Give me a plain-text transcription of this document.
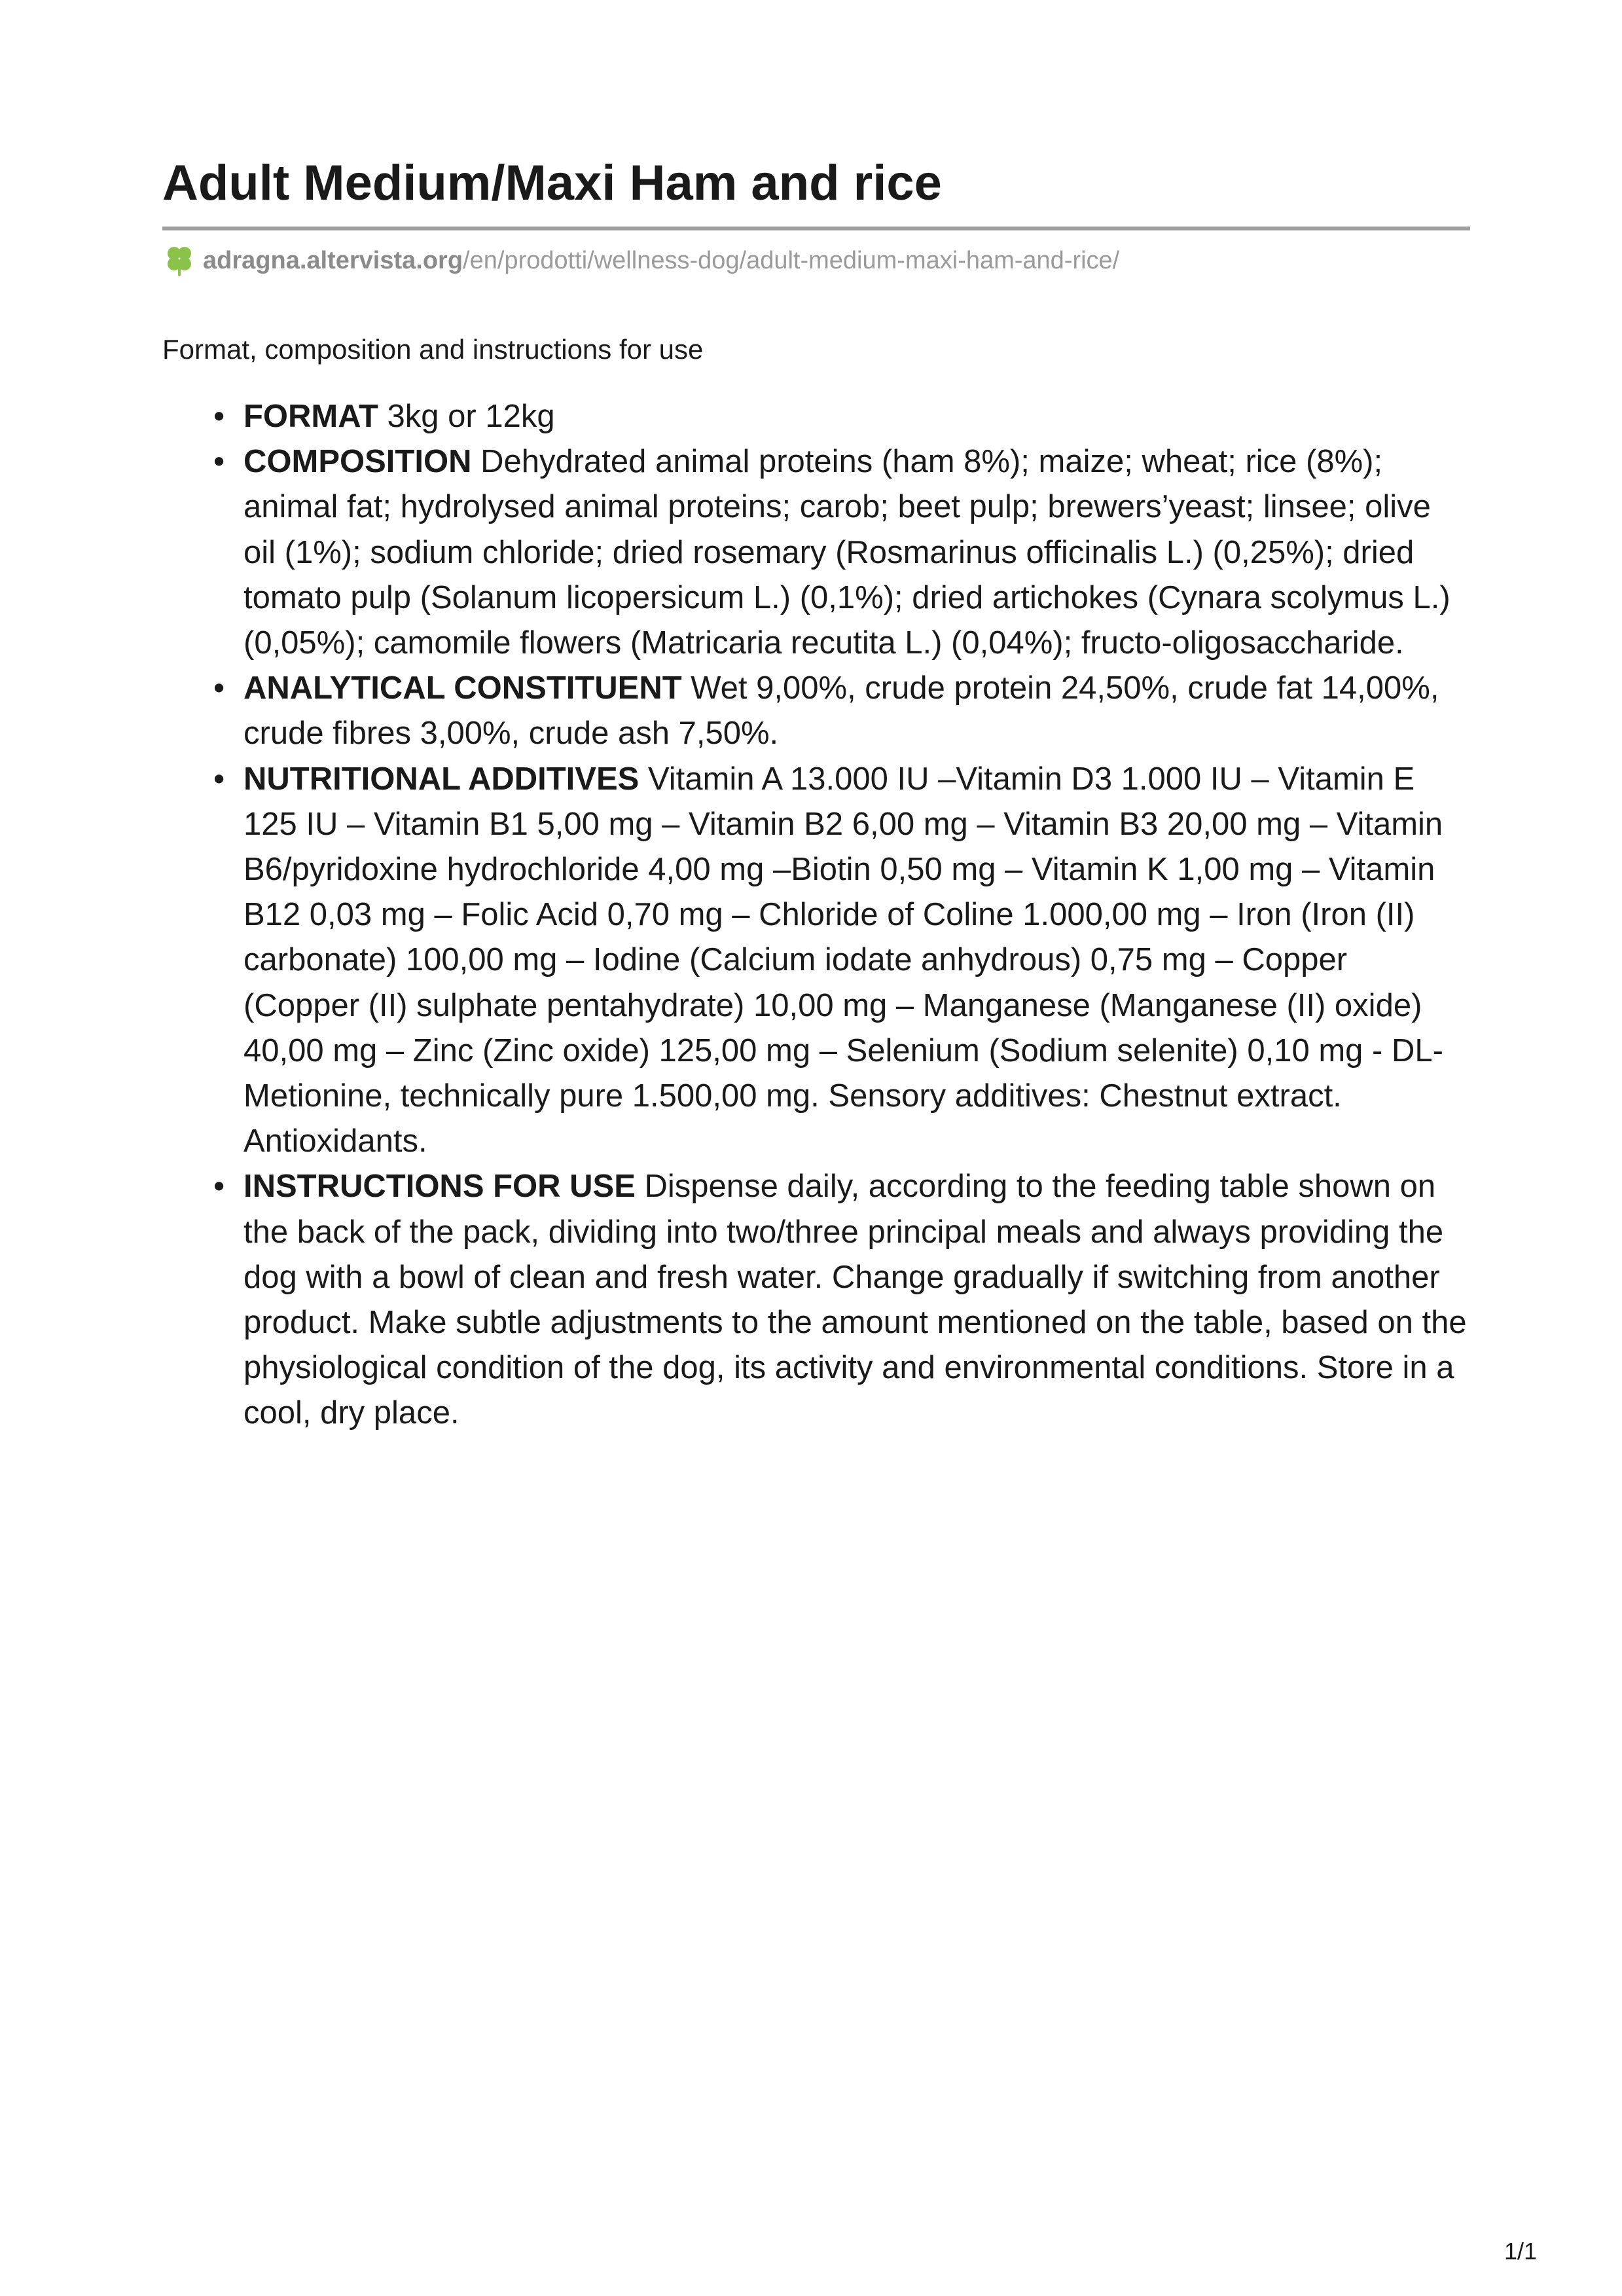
Adult Medium/Maxi Ham and rice
adragna.altervista.org /en/prodotti/wellness-dog/adult-medium-maxi-ham-and-rice/
Format, composition and instructions for use
• FORMAT 3kg or 12kg
• COMPOSITION Dehydrated animal proteins (ham 8%); maize; wheat; rice (8%); animal fat; hydrolysed animal proteins; carob; beet pulp; brewers’yeast; linsee; olive oil (1%); sodium chloride; dried rosemary (Rosmarinus officinalis L.) (0,25%); dried tomato pulp (Solanum licopersicum L.) (0,1%); dried artichokes (Cynara scolymus L.) (0,05%); camomile flowers (Matricaria recutita L.) (0,04%); fructo-oligosaccharide.
• ANALYTICAL CONSTITUENT Wet 9,00%, crude protein 24,50%, crude fat 14,00%, crude fibres 3,00%, crude ash 7,50%.
• NUTRITIONAL ADDITIVES Vitamin A 13.000 IU –Vitamin D3 1.000 IU – Vitamin E 125 IU – Vitamin B1 5,00 mg – Vitamin B2 6,00 mg – Vitamin B3 20,00 mg – Vitamin B6/pyridoxine hydrochloride 4,00 mg –Biotin 0,50 mg – Vitamin K 1,00 mg – Vitamin B12 0,03 mg – Folic Acid 0,70 mg – Chloride of Coline 1.000,00 mg – Iron (Iron (II) carbonate) 100,00 mg – Iodine (Calcium iodate anhydrous) 0,75 mg – Copper (Copper (II) sulphate pentahydrate) 10,00 mg – Manganese (Manganese (II) oxide) 40,00 mg – Zinc (Zinc oxide) 125,00 mg – Selenium (Sodium selenite) 0,10 mg - DL-Metionine, technically pure 1.500,00 mg. Sensory additives: Chestnut extract. Antioxidants.
• INSTRUCTIONS FOR USE Dispense daily, according to the feeding table shown on the back of the pack, dividing into two/three principal meals and always providing the dog with a bowl of clean and fresh water. Change gradually if switching from another product. Make subtle adjustments to the amount mentioned on the table, based on the physiological condition of the dog, its activity and environmental conditions. Store in a cool, dry place.
1/1
